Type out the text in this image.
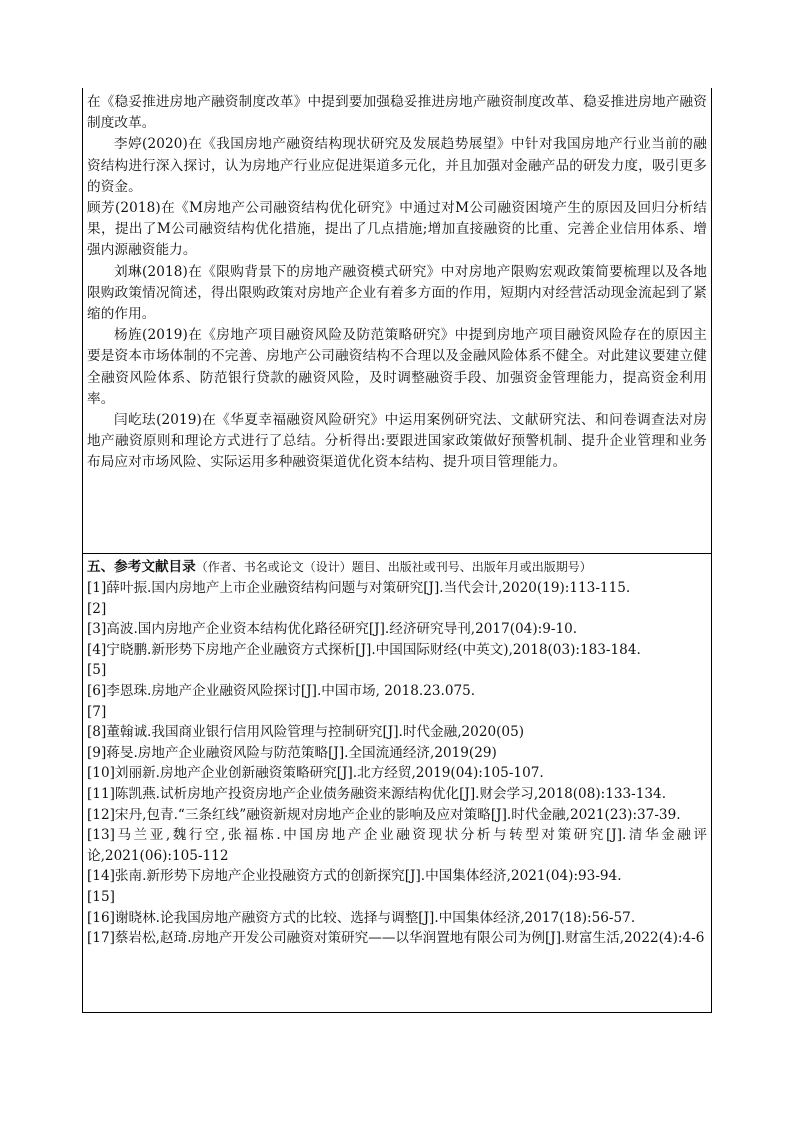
在《稳妥推进房地产融资制度改革》中提到要加强稳妥推进房地产融资制度改革、稳妥推进房地产融资制度改革。

李婷(2020)在《我国房地产融资结构现状研究及发展趋势展望》中针对我国房地产行业当前的融资结构进行深入探讨，认为房地产行业应促进渠道多元化，并且加强对金融产品的研发力度，吸引更多的资金。

顾芳(2018)在《M房地产公司融资结构优化研究》中通过对M公司融资困境产生的原因及回归分析结果，提出了M公司融资结构优化措施，提出了几点措施;增加直接融资的比重、完善企业信用体系、增强内源融资能力。

刘琳(2018)在《限购背景下的房地产融资模式研究》中对房地产限购宏观政策简要梳理以及各地限购政策情况简述，得出限购政策对房地产企业有着多方面的作用，短期内对经营活动现金流起到了紧缩的作用。

杨旌(2019)在《房地产项目融资风险及防范策略研究》中提到房地产项目融资风险存在的原因主要是资本市场体制的不完善、房地产公司融资结构不合理以及金融风险体系不健全。对此建议要建立健全融资风险体系、防范银行贷款的融资风险，及时调整融资手段、加强资金管理能力，提高资金利用率。

闫屹珐(2019)在《华夏幸福融资风险研究》中运用案例研究法、文献研究法、和问卷调查法对房地产融资原则和理论方式进行了总结。分析得出:要跟进国家政策做好预警机制、提升企业管理和业务布局应对市场风险、实际运用多种融资渠道优化资本结构、提升项目管理能力。

五、参考文献目录（作者、书名或论文（设计）题目、出版社或刊号、出版年月或出版期号）

[1]薛叶振.国内房地产上市企业融资结构问题与对策研究[J].当代会计,2020(19):113-115.

[2]

[3]高波.国内房地产企业资本结构优化路径研究[J].经济研究导刊,2017(04):9-10.

[4]宁晓鹏.新形势下房地产企业融资方式探析[J].中国国际财经(中英文),2018(03):183-184.

[5]

[6]李恩珠.房地产企业融资风险探讨[J].中国市场, 2018.23.075.

[7]

[8]董翰诚.我国商业银行信用风险管理与控制研究[J].时代金融,2020(05)

[9]蒋旻.房地产企业融资风险与防范策略[J].全国流通经济,2019(29)

[10]刘丽新.房地产企业创新融资策略研究[J].北方经贸,2019(04):105-107.

[11]陈凯燕.试析房地产投资房地产企业债务融资来源结构优化[J].财会学习,2018(08):133-134.

[12]宋丹,包青.“三条红线”融资新规对房地产企业的影响及应对策略[J].时代金融,2021(23):37-39.

[13]马兰亚,魏行空,张福栋.中国房地产企业融资现状分析与转型对策研究[J].清华金融评论,2021(06):105-112

[14]张南.新形势下房地产企业投融资方式的创新探究[J].中国集体经济,2021(04):93-94.

[15]

[16]谢晓林.论我国房地产融资方式的比较、选择与调整[J].中国集体经济,2017(18):56-57.

[17]蔡岩松,赵琦.房地产开发公司融资对策研究——以华润置地有限公司为例[J].财富生活,2022(4):4-6
